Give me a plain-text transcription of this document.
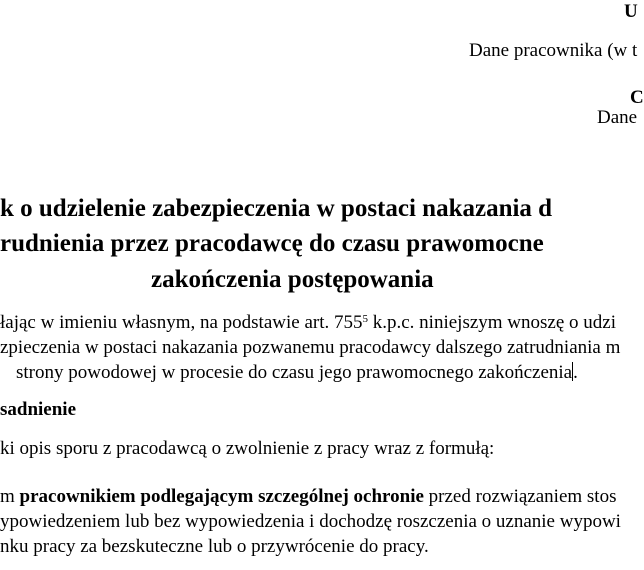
U
Dane pracownika (w t
C
Dane
k o udzielenie zabezpieczenia w postaci nakazania d
rudnienia przez pracodawcę do czasu prawomocne
zakończenia postępowania
łając w imieniu własnym, na podstawie art. $755^5$ k.p.c. niniejszym wnoszę o udzi
zpieczenia w postaci nakazania pozwanemu pracodawcy dalszego zatrudniania m
strony powodowej w procesie do czasu jego prawomocnego zakończenia.
sadnienie
ki opis sporu z pracodawcą o zwolnienie z pracy wraz z formułą:
m pracownikiem podlegającym szczególnej ochronie przed rozwiązaniem stos
ypowiedzeniem lub bez wypowiedzenia i dochodzę roszczenia o uznanie wypowi
nku pracy za bezskuteczne lub o przywrócenie do pracy.
